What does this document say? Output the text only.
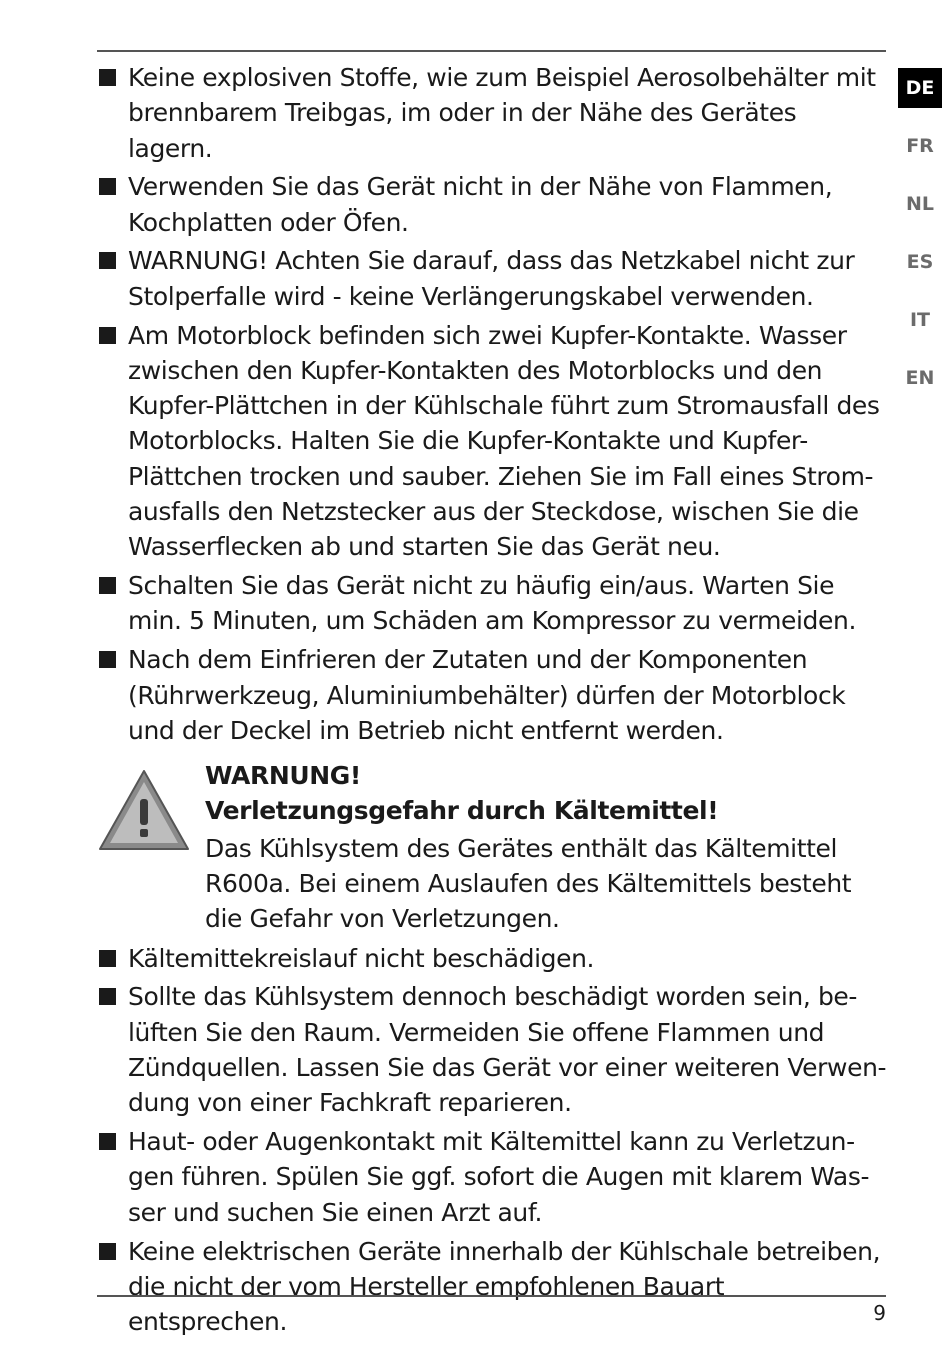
Keine explosiven Stoffe, wie zum Beispiel Aerosolbehälter mit brennbarem Treibgas, im oder in der Nähe des Gerätes lagern.
Verwenden Sie das Gerät nicht in der Nähe von Flammen, Kochplatten oder Öfen.
WARNUNG! Achten Sie darauf, dass das Netzkabel nicht zur Stolperfalle wird - keine Verlängerungskabel verwenden.
Am Motorblock befinden sich zwei Kupfer-Kontakte. Wasser zwischen den Kupfer-Kontakten des Motorblocks und den Kupfer-Plättchen in der Kühlschale führt zum Stromausfall des Motorblocks. Halten Sie die Kupfer-Kontakte und Kupfer-Plättchen trocken und sauber. Ziehen Sie im Fall eines Strom-ausfalls den Netzstecker aus der Steckdose, wischen Sie die Wasserflecken ab und starten Sie das Gerät neu.
Schalten Sie das Gerät nicht zu häufig ein/aus. Warten Sie min. 5 Minuten, um Schäden am Kompressor zu vermeiden.
Nach dem Einfrieren der Zutaten und der Komponenten (Rührwerkzeug, Aluminiumbehälter) dürfen der Motorblock und der Deckel im Betrieb nicht entfernt werden.
WARNUNG!
Verletzungsgefahr durch Kältemittel!
Das Kühlsystem des Gerätes enthält das Kältemittel R600a. Bei einem Auslaufen des Kältemittels besteht die Gefahr von Verletzungen.
Kältemittekreislauf nicht beschädigen.
Sollte das Kühlsystem dennoch beschädigt worden sein, be-lüften Sie den Raum. Vermeiden Sie offene Flammen und Zündquellen. Lassen Sie das Gerät vor einer weiteren Verwen-dung von einer Fachkraft reparieren.
Haut- oder Augenkontakt mit Kältemittel kann zu Verletzun-gen führen. Spülen Sie ggf. sofort die Augen mit klarem Was-ser und suchen Sie einen Arzt auf.
Keine elektrischen Geräte innerhalb der Kühlschale betreiben, die nicht der vom Hersteller empfohlenen Bauart entsprechen.
DE
FR
NL
ES
IT
EN
9
